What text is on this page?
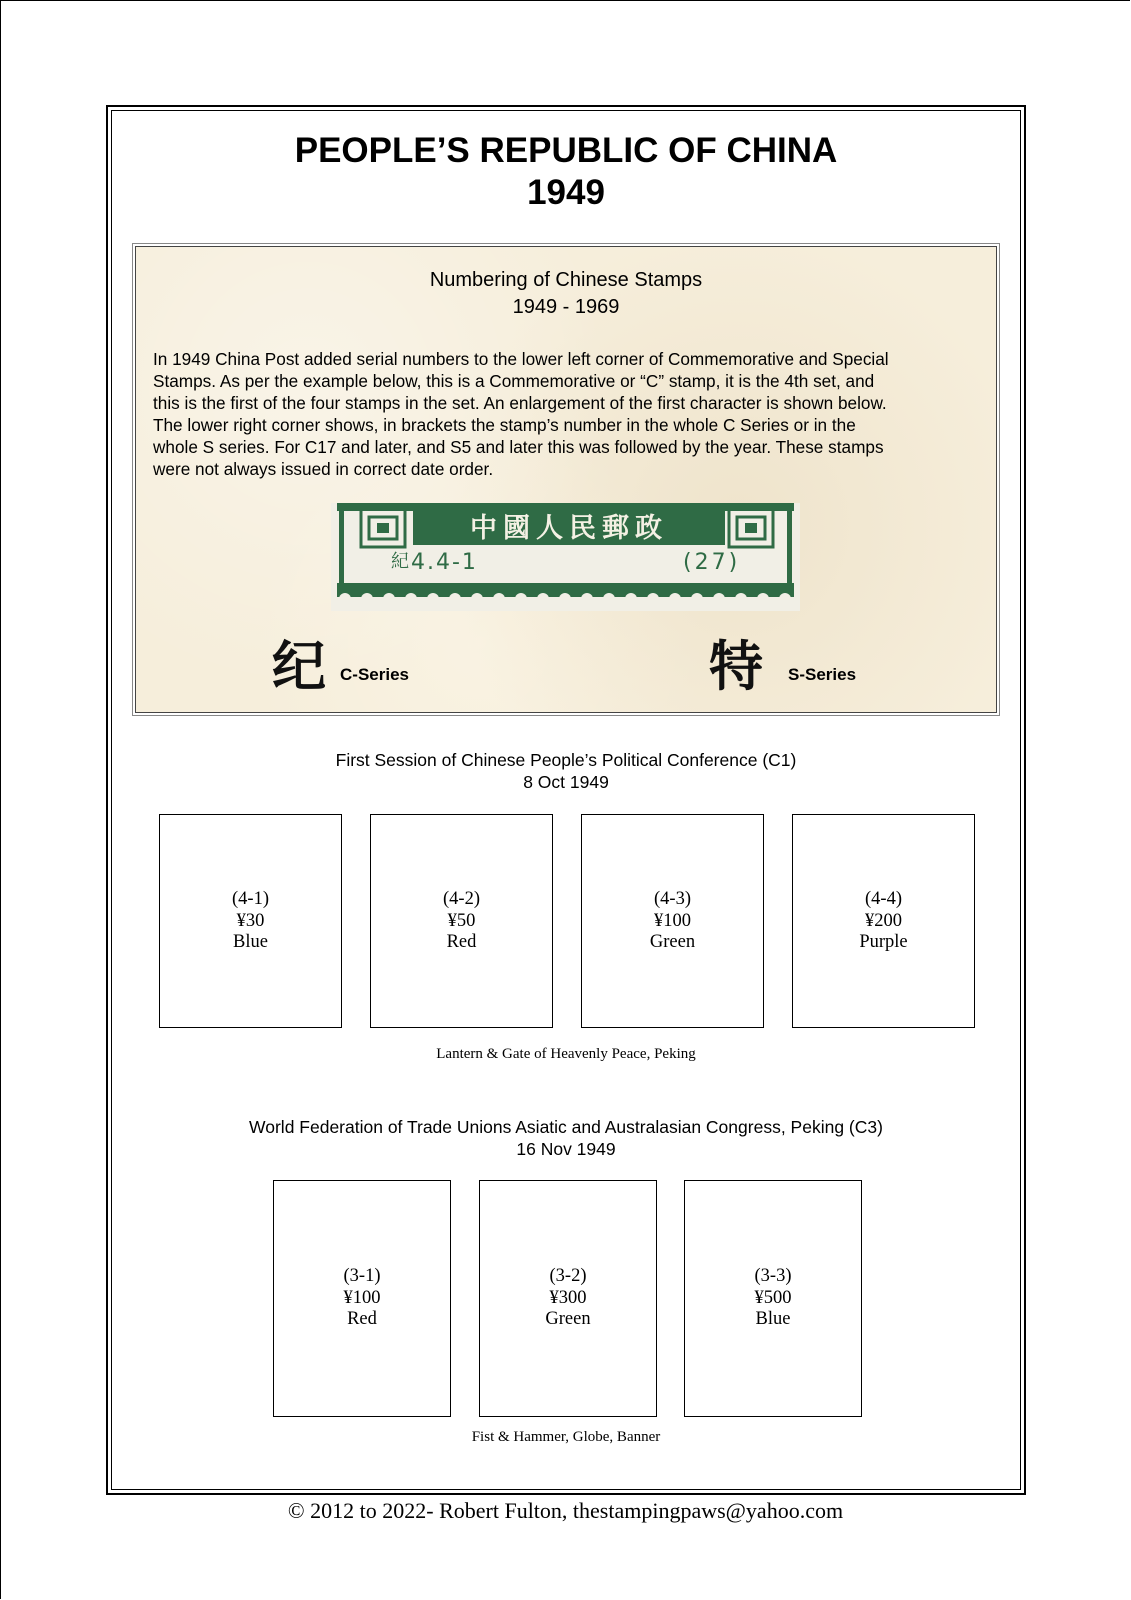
PEOPLE’S REPUBLIC OF CHINA
1949
Numbering of Chinese Stamps
1949 - 1969
In 1949 China Post added serial numbers to the lower left corner of Commemorative and Special
Stamps. As per the example below, this is a Commemorative or “C” stamp, it is the 4th set, and
this is the first of the four stamps in the set. An enlargement of the first character is shown below.
The lower right corner shows, in brackets the stamp’s number in the whole C Series or in the
whole S series. For C17 and later, and S5 and later this was followed by the year. These stamps
were not always issued in correct date order.
中國人民郵政
紀 4.4-1	(27)
纪 C-Series	特 S-Series
First Session of Chinese People’s Political Conference (C1)
8 Oct 1949
(4-1)
¥30
Blue
(4-2)
¥50
Red
(4-3)
¥100
Green
(4-4)
¥200
Purple
Lantern & Gate of Heavenly Peace, Peking
World Federation of Trade Unions Asiatic and Australasian Congress, Peking (C3)
16 Nov 1949
(3-1)
¥100
Red
(3-2)
¥300
Green
(3-3)
¥500
Blue
Fist & Hammer, Globe, Banner
© 2012 to 2022- Robert Fulton, thestampingpaws@yahoo.com
